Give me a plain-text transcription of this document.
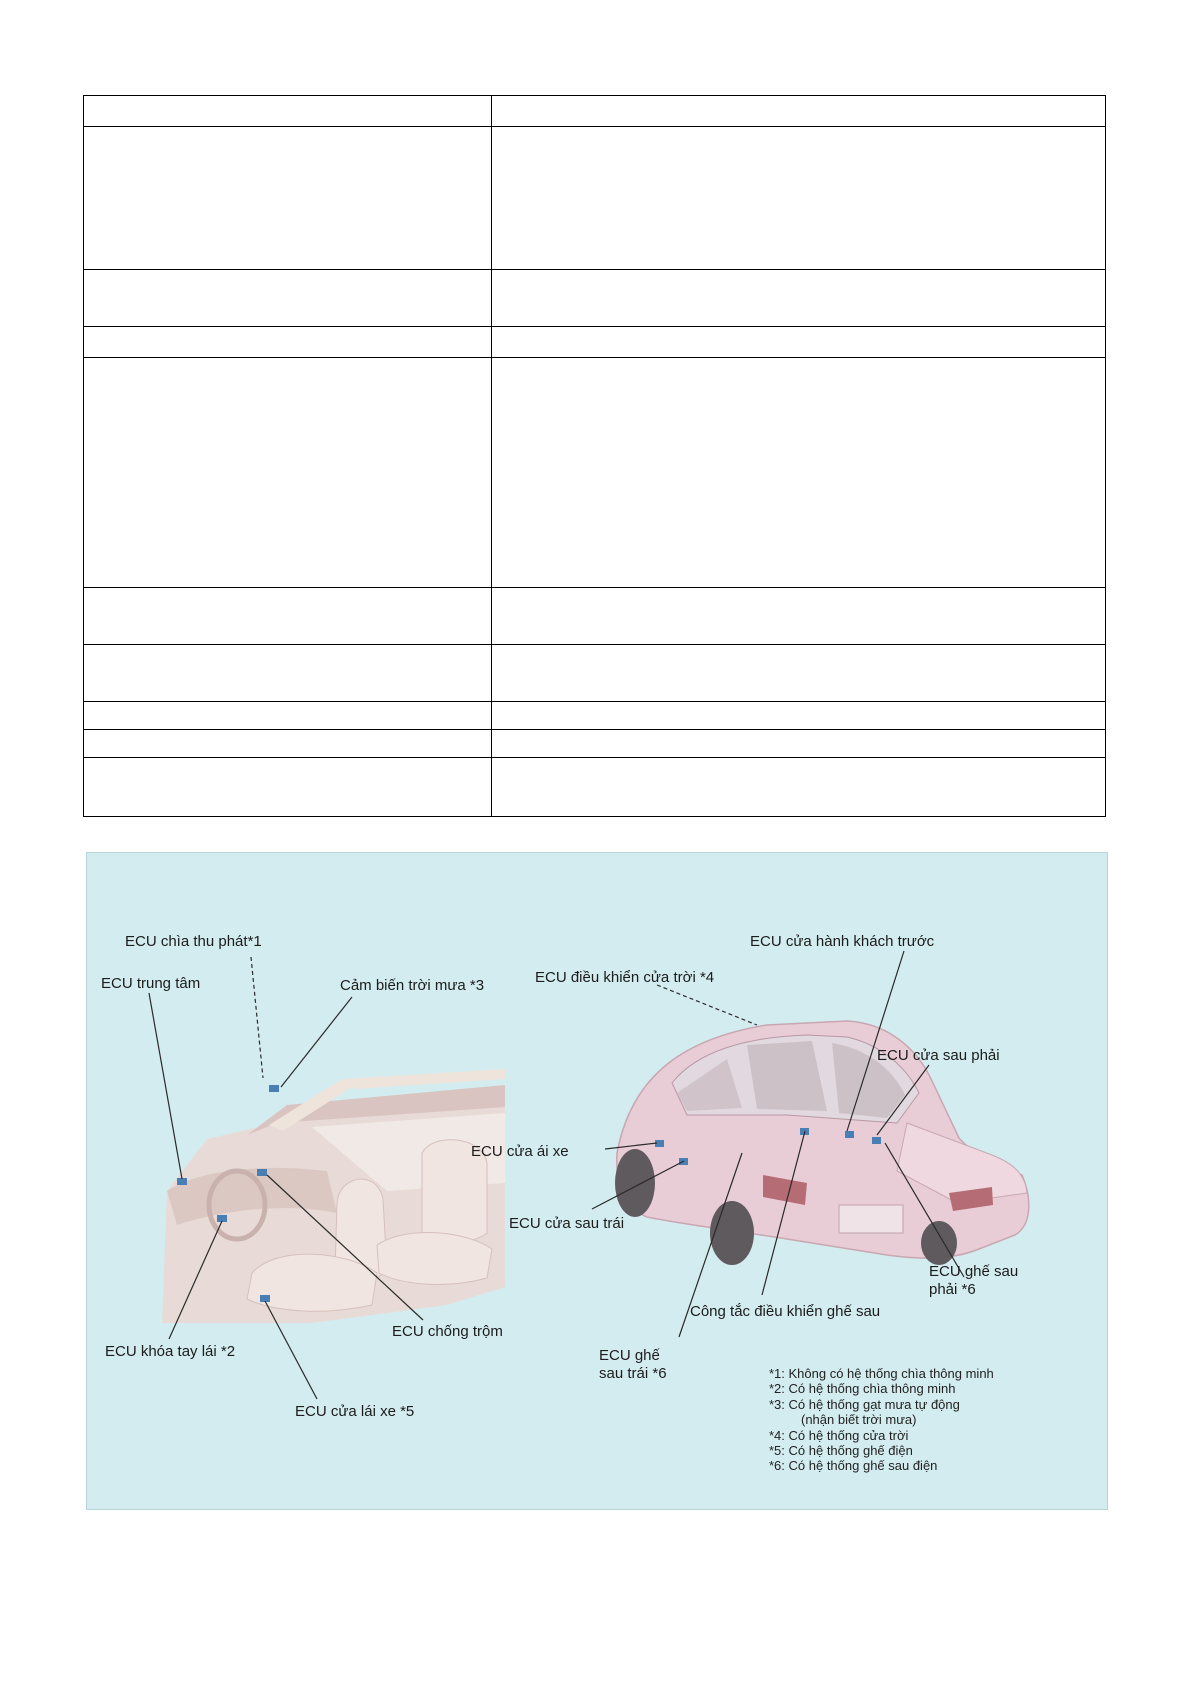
ECU chìa thu phát*1
Cảm biến trời mưa *3
ECU trung tâm
ECU khóa tay lái *2
ECU chống trộm
ECU cửa lái xe *5
ECU cửa hành khách trước
ECU điều khiển cửa trời *4
ECU cửa sau phải
ECU cửa ái xe
ECU cửa sau trái
ECU ghế sau phải *6
Công tắc điều khiển ghế sau
ECU ghế sau trái *6	*1: Không có hệ thống chìa thông minh
*2: Có hệ thống chìa thông minh
*3: Có hệ thống gạt mưa tự động
(nhận biết trời mưa)
*4: Có hệ thống cửa trời
*5: Có hệ thống ghế điện
*6: Có hệ thống ghế sau điện
